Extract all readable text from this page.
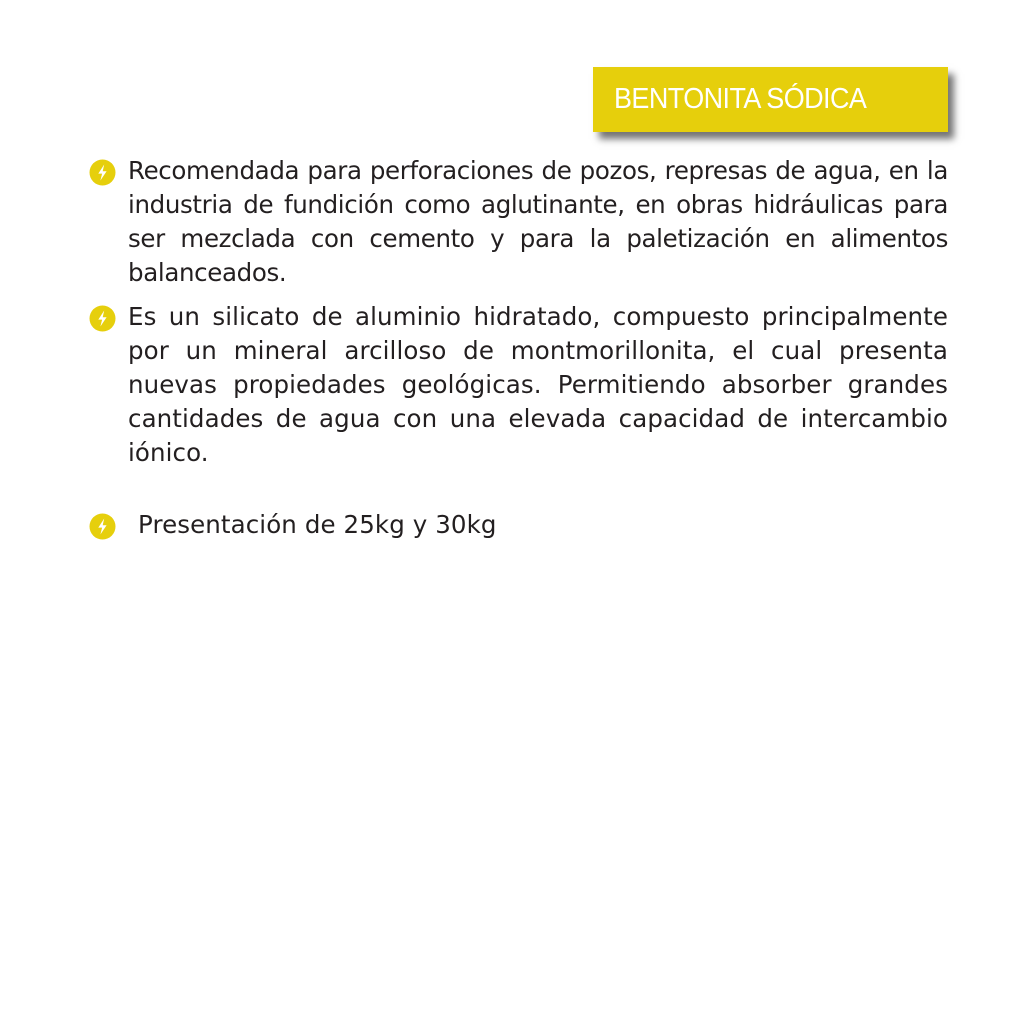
BENTONITA SÓDICA
Recomendada para perforaciones de pozos, represas de agua, en la industria de fundición como aglutinante, en obras hidráulicas para ser mezclada con cemento y para la paletización en alimentos balanceados.
Es un silicato de aluminio hidratado, compuesto principalmente por un mineral arcilloso de montmorillonita, el cual presenta nuevas propiedades geológicas. Permitiendo absorber grandes cantidades de agua con una elevada capacidad de intercambio iónico.
Presentación de 25kg y 30kg
